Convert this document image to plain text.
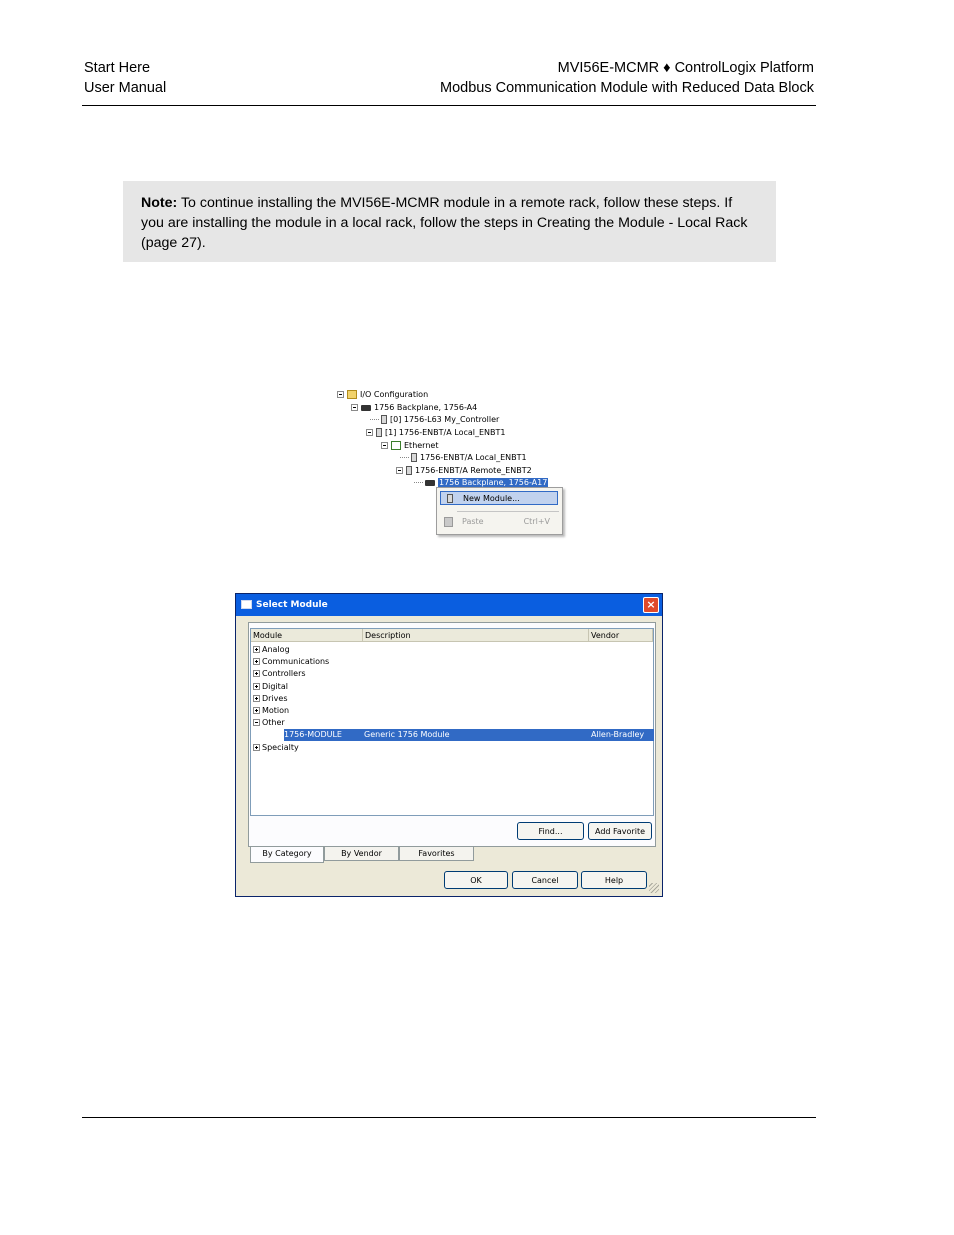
Start Here
User Manual
MVI56E-MCMR ♦ ControlLogix Platform
Modbus Communication Module with Reduced Data Block
Note: To continue installing the MVI56E-MCMR module in a remote rack, follow these steps. If you are installing the module in a local rack, follow the steps in Creating the Module - Local Rack (page 27).
I/O Configuration
1756 Backplane, 1756-A4
[0] 1756-L63 My_Controller
[1] 1756-ENBT/A Local_ENBT1
Ethernet
1756-ENBT/A Local_ENBT1
1756-ENBT/A Remote_ENBT2
1756 Backplane, 1756-A17
New Module...
Paste	Ctrl+V
Select Module	×
Module	Description	Vendor
Analog
Communications
Controllers
Digital
Drives
Motion
Other
1756-MODULE	Generic 1756 Module	Allen-Bradley
Specialty
Find...	Add Favorite
By Category	By Vendor	Favorites
OK	Cancel	Help
